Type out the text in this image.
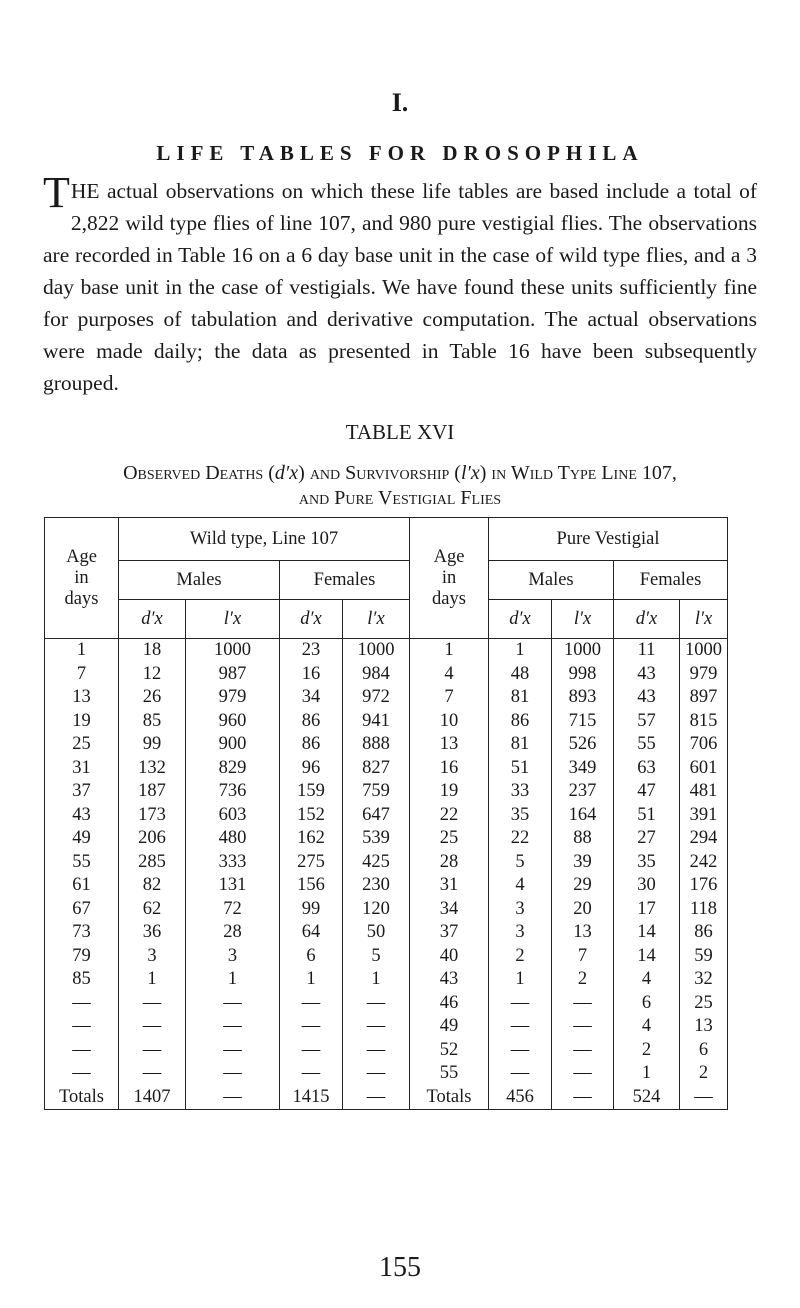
I.
LIFE TABLES FOR DROSOPHILA

THE actual observations on which these life tables are based include a total of 2,822 wild type flies of line 107, and 980 pure vestigial flies. The observations are recorded in Table 16 on a 6 day base unit in the case of wild type flies, and a 3 day base unit in the case of vestigials. We have found these units sufficiently fine for purposes of tabulation and derivative computation. The actual observations were made daily; the data as presented in Table 16 have been subsequently grouped.

TABLE XVI
Observed Deaths (d′x) and Survivorship (l′x) in Wild Type Line 107,
and Pure Vestigial Flies
Age
in
days	Wild type, Line 107				Age
in
days	Pure Vestigial			
	Males		Females			Males		Females	
	d′x	l′x	d′x	l′x		d′x	l′x	d′x	l′x
1	18	1000	23	1000	1	1	1000	11	1000
7	12	987	16	984	4	48	998	43	979
13	26	979	34	972	7	81	893	43	897
19	85	960	86	941	10	86	715	57	815
25	99	900	86	888	13	81	526	55	706
31	132	829	96	827	16	51	349	63	601
37	187	736	159	759	19	33	237	47	481
43	173	603	152	647	22	35	164	51	391
49	206	480	162	539	25	22	88	27	294
55	285	333	275	425	28	5	39	35	242
61	82	131	156	230	31	4	29	30	176
67	62	72	99	120	34	3	20	17	118
73	36	28	64	50	37	3	13	14	86
79	3	3	6	5	40	2	7	14	59
85	1	1	1	1	43	1	2	4	32
—	—	—	—	—	46	—	—	6	25
—	—	—	—	—	49	—	—	4	13
—	—	—	—	—	52	—	—	2	6
—	—	—	—	—	55	—	—	1	2
Totals	1407	—	1415	—	Totals	456	—	524	—
155
